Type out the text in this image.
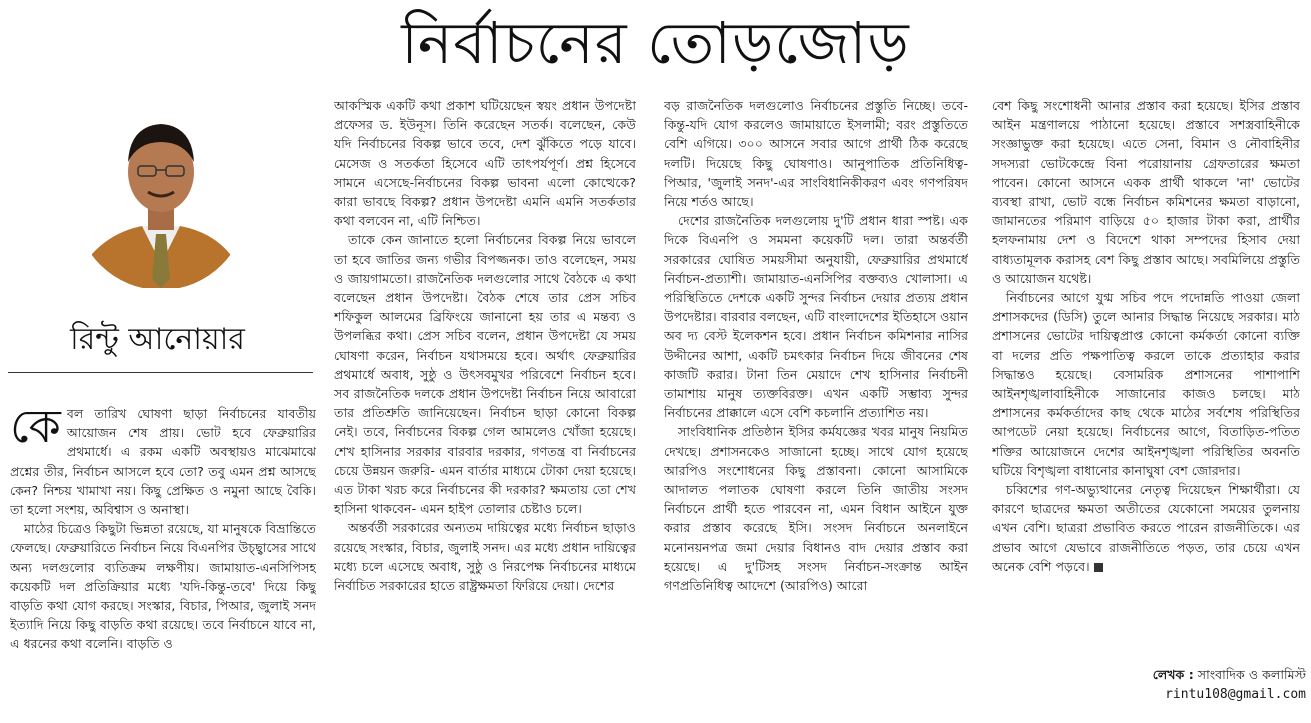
নির্বাচনের তোড়জোড়
রিন্টু আনোয়ার
কে বল তারিখ ঘোষণা ছাড়া নির্বাচনের যাবতীয় আয়োজন শেষ প্রায়। ভোট হবে ফেব্রুয়ারির প্রথমার্ধে। এ রকম একটি অবস্থায়ও মাঝেমাঝে প্রশ্নের তীর, নির্বাচন আসলে হবে তো? তবু এমন প্রশ্ন আসছে কেন? নিশ্চয় খামাখা নয়। কিছু প্রেক্ষিত ও নমুনা আছে বৈকি। তা হলো সংশয়, অবিশ্বাস ও অনাস্থা।

মাঠের চিত্রেও কিছুটা ভিন্নতা রয়েছে, যা মানুষকে বিভ্রান্তিতে ফেলছে। ফেব্রুয়ারিতে নির্বাচন নিয়ে বিএনপির উচ্ছ্বাসের সাথে অন্য দলগুলোর ব্যতিক্রম লক্ষণীয়। জামায়াত-এনসিপিসহ কয়েকটি দল প্রতিক্রিয়ার মধ্যে 'যদি-কিন্তু-তবে' দিয়ে কিছু বাড়তি কথা যোগ করছে। সংস্কার, বিচার, পিআর, জুলাই সনদ ইত্যাদি নিয়ে কিছু বাড়তি কথা রয়েছে। তবে নির্বাচনে যাবে না, এ ধরনের কথা বলেনি। বাড়তি ও

আকস্মিক একটি কথা প্রকাশ ঘটিয়েছেন স্বয়ং প্রধান উপদেষ্টা প্রফেসর ড. ইউনূস। তিনি করেছেন সতর্ক। বলেছেন, কেউ যদি নির্বাচনের বিকল্প ভাবে তবে, দেশ ঝুঁকিতে পড়ে যাবে। মেসেজ ও সতর্কতা হিসেবে এটি তাৎপর্যপূর্ণ। প্রশ্ন হিসেবে সামনে এসেছে-নির্বাচনের বিকল্প ভাবনা এলো কোত্থেকে? কারা ভাবছে বিকল্প? প্রধান উপদেষ্টা এমনি এমনি সতর্কতার কথা বলবেন না, এটি নিশ্চিত।

তাকে কেন জানাতে হলো নির্বাচনের বিকল্প নিয়ে ভাবলে তা হবে জাতির জন্য গভীর বিপজ্জনক। তাও বলেছেন, সময় ও জায়গামতো। রাজনৈতিক দলগুলোর সাথে বৈঠকে এ কথা বলেছেন প্রধান উপদেষ্টা। বৈঠক শেষে তার প্রেস সচিব শফিকুল আলমের ব্রিফিংয়ে জানানো হয় তার এ মন্তব্য ও উপলব্ধির কথা। প্রেস সচিব বলেন, প্রধান উপদেষ্টা যে সময় ঘোষণা করেন, নির্বাচন যথাসময়ে হবে। অর্থাৎ ফেব্রুয়ারির প্রথমার্ধে অবাধ, সুষ্ঠু ও উৎসবমুখর পরিবেশে নির্বাচন হবে। সব রাজনৈতিক দলকে প্রধান উপদেষ্টা নির্বাচন নিয়ে আবারো তার প্রতিশ্রুতি জানিয়েছেন। নির্বাচন ছাড়া কোনো বিকল্প নেই। তবে, নির্বাচনের বিকল্প গেল আমলেও খোঁজা হয়েছে। শেখ হাসিনার সরকার বারবার দরকার, গণতন্ত্র বা নির্বাচনের চেয়ে উন্নয়ন জরুরি- এমন বার্তার মাধ্যমে টোকা দেয়া হয়েছে। এত টাকা খরচ করে নির্বাচনের কী দরকার? ক্ষমতায় তো শেখ হাসিনা থাকবেন- এমন হাইপ তোলার চেষ্টাও চলে।

অন্তর্বর্তী সরকারের অন্যতম দায়িত্বের মধ্যে নির্বাচন ছাড়াও রয়েছে সংস্কার, বিচার, জুলাই সনদ। এর মধ্যে প্রধান দায়িত্বের মধ্যে চলে এসেছে অবাধ, সুষ্ঠু ও নিরপেক্ষ নির্বাচনের মাধ্যমে নির্বাচিত সরকারের হাতে রাষ্ট্রক্ষমতা ফিরিয়ে দেয়া। দেশের

বড় রাজনৈতিক দলগুলোও নির্বাচনের প্রস্তুতি নিচ্ছে। তবে-কিন্তু-যদি যোগ করলেও জামায়াতে ইসলামী; বরং প্রস্তুতিতে বেশি এগিয়ে। ৩০০ আসনে সবার আগে প্রার্থী ঠিক করেছে দলটি। দিয়েছে কিছু ঘোষণাও। আনুপাতিক প্রতিনিধিত্ব-পিআর, 'জুলাই সনদ'-এর সাংবিধানিকীকরণ এবং গণপরিষদ নিয়ে শর্তও আছে।

দেশের রাজনৈতিক দলগুলোয় দু'টি প্রধান ধারা স্পষ্ট। এক দিকে বিএনপি ও সমমনা কয়েকটি দল। তারা অন্তর্বর্তী সরকারের ঘোষিত সময়সীমা অনুযায়ী, ফেব্রুয়ারির প্রথমার্ধে নির্বাচন-প্রত্যাশী। জামায়াত-এনসিপির বক্তব্যও খোলাসা। এ পরিস্থিতিতে দেশকে একটি সুন্দর নির্বাচন দেয়ার প্রত্যয় প্রধান উপদেষ্টার। বারবার বলছেন, এটি বাংলাদেশের ইতিহাসে ওয়ান অব দ্য বেস্ট ইলেকশন হবে। প্রধান নির্বাচন কমিশনার নাসির উদ্দীনের আশা, একটি চমৎকার নির্বাচন দিয়ে জীবনের শেষ কাজটি করার। টানা তিন মেয়াদে শেখ হাসিনার নির্বাচনী তামাশায় মানুষ ত্যক্তবিরক্ত। এখন একটি সম্ভাব্য সুন্দর নির্বাচনের প্রাক্কালে এসে বেশি কচলানি প্রত্যাশিত নয়।

সাংবিধানিক প্রতিষ্ঠান ইসির কর্মযজ্ঞের খবর মানুষ নিয়মিত দেখছে। প্রশাসনকেও সাজানো হচ্ছে। সাথে যোগ হয়েছে আরপিও সংশোধনের কিছু প্রস্তাবনা। কোনো আসামিকে আদালত পলাতক ঘোষণা করলে তিনি জাতীয় সংসদ নির্বাচনে প্রার্থী হতে পারবেন না, এমন বিধান আইনে যুক্ত করার প্রস্তাব করেছে ইসি। সংসদ নির্বাচনে অনলাইনে মনোনয়নপত্র জমা দেয়ার বিধানও বাদ দেয়ার প্রস্তাব করা হয়েছে। এ দু'টিসহ সংসদ নির্বাচন-সংক্রান্ত আইন গণপ্রতিনিধিত্ব আদেশে (আরপিও) আরো

বেশ কিছু সংশোধনী আনার প্রস্তাব করা হয়েছে। ইসির প্রস্তাব আইন মন্ত্রণালয়ে পাঠানো হয়েছে। প্রস্তাবে সশস্ত্রবাহিনীকে সংজ্ঞাভুক্ত করা হয়েছে। এতে সেনা, বিমান ও নৌবাহিনীর সদস্যরা ভোটকেন্দ্রে বিনা পরোয়ানায় গ্রেফতারের ক্ষমতা পাবেন। কোনো আসনে একক প্রার্থী থাকলে 'না' ভোটের ব্যবস্থা রাখা, ভোট বন্ধে নির্বাচন কমিশনের ক্ষমতা বাড়ানো, জামানতের পরিমাণ বাড়িয়ে ৫০ হাজার টাকা করা, প্রার্থীর হলফনামায় দেশ ও বিদেশে থাকা সম্পদের হিসাব দেয়া বাধ্যতামূলক করাসহ বেশ কিছু প্রস্তাব আছে। সবমিলিয়ে প্রস্তুতি ও আয়োজন যথেষ্ট।

নির্বাচনের আগে যুগ্ম সচিব পদে পদোন্নতি পাওয়া জেলা প্রশাসকদের (ডিসি) তুলে আনার সিদ্ধান্ত নিয়েছে সরকার। মাঠ প্রশাসনের ভোটের দায়িত্বপ্রাপ্ত কোনো কর্মকর্তা কোনো ব্যক্তি বা দলের প্রতি পক্ষপাতিত্ব করলে তাকে প্রত্যাহার করার সিদ্ধান্তও হয়েছে। বেসামরিক প্রশাসনের পাশাপাশি আইনশৃঙ্খলাবাহিনীকে সাজানোর কাজও চলছে। মাঠ প্রশাসনের কর্মকর্তাদের কাছ থেকে মাঠের সর্বশেষ পরিস্থিতির আপডেট নেয়া হয়েছে। নির্বাচনের আগে, বিতাড়িত-পতিত শক্তির আয়োজনে দেশের আইনশৃঙ্খলা পরিস্থিতির অবনতি ঘটিয়ে বিশৃঙ্খলা বাধানোর কানাঘুষা বেশ জোরদার।

চব্বিশের গণ-অভ্যুত্থানের নেতৃত্ব দিয়েছেন শিক্ষার্থীরা। যে কারণে ছাত্রদের ক্ষমতা অতীতের যেকোনো সময়ের তুলনায় এখন বেশি। ছাত্ররা প্রভাবিত করতে পারেন রাজনীতিকে। এর প্রভাব আগে যেভাবে রাজনীতিতে পড়ত, তার চেয়ে এখন অনেক বেশি পড়বে।

লেখক : সাংবাদিক ও কলামিস্ট
rintu108@gmail.com
